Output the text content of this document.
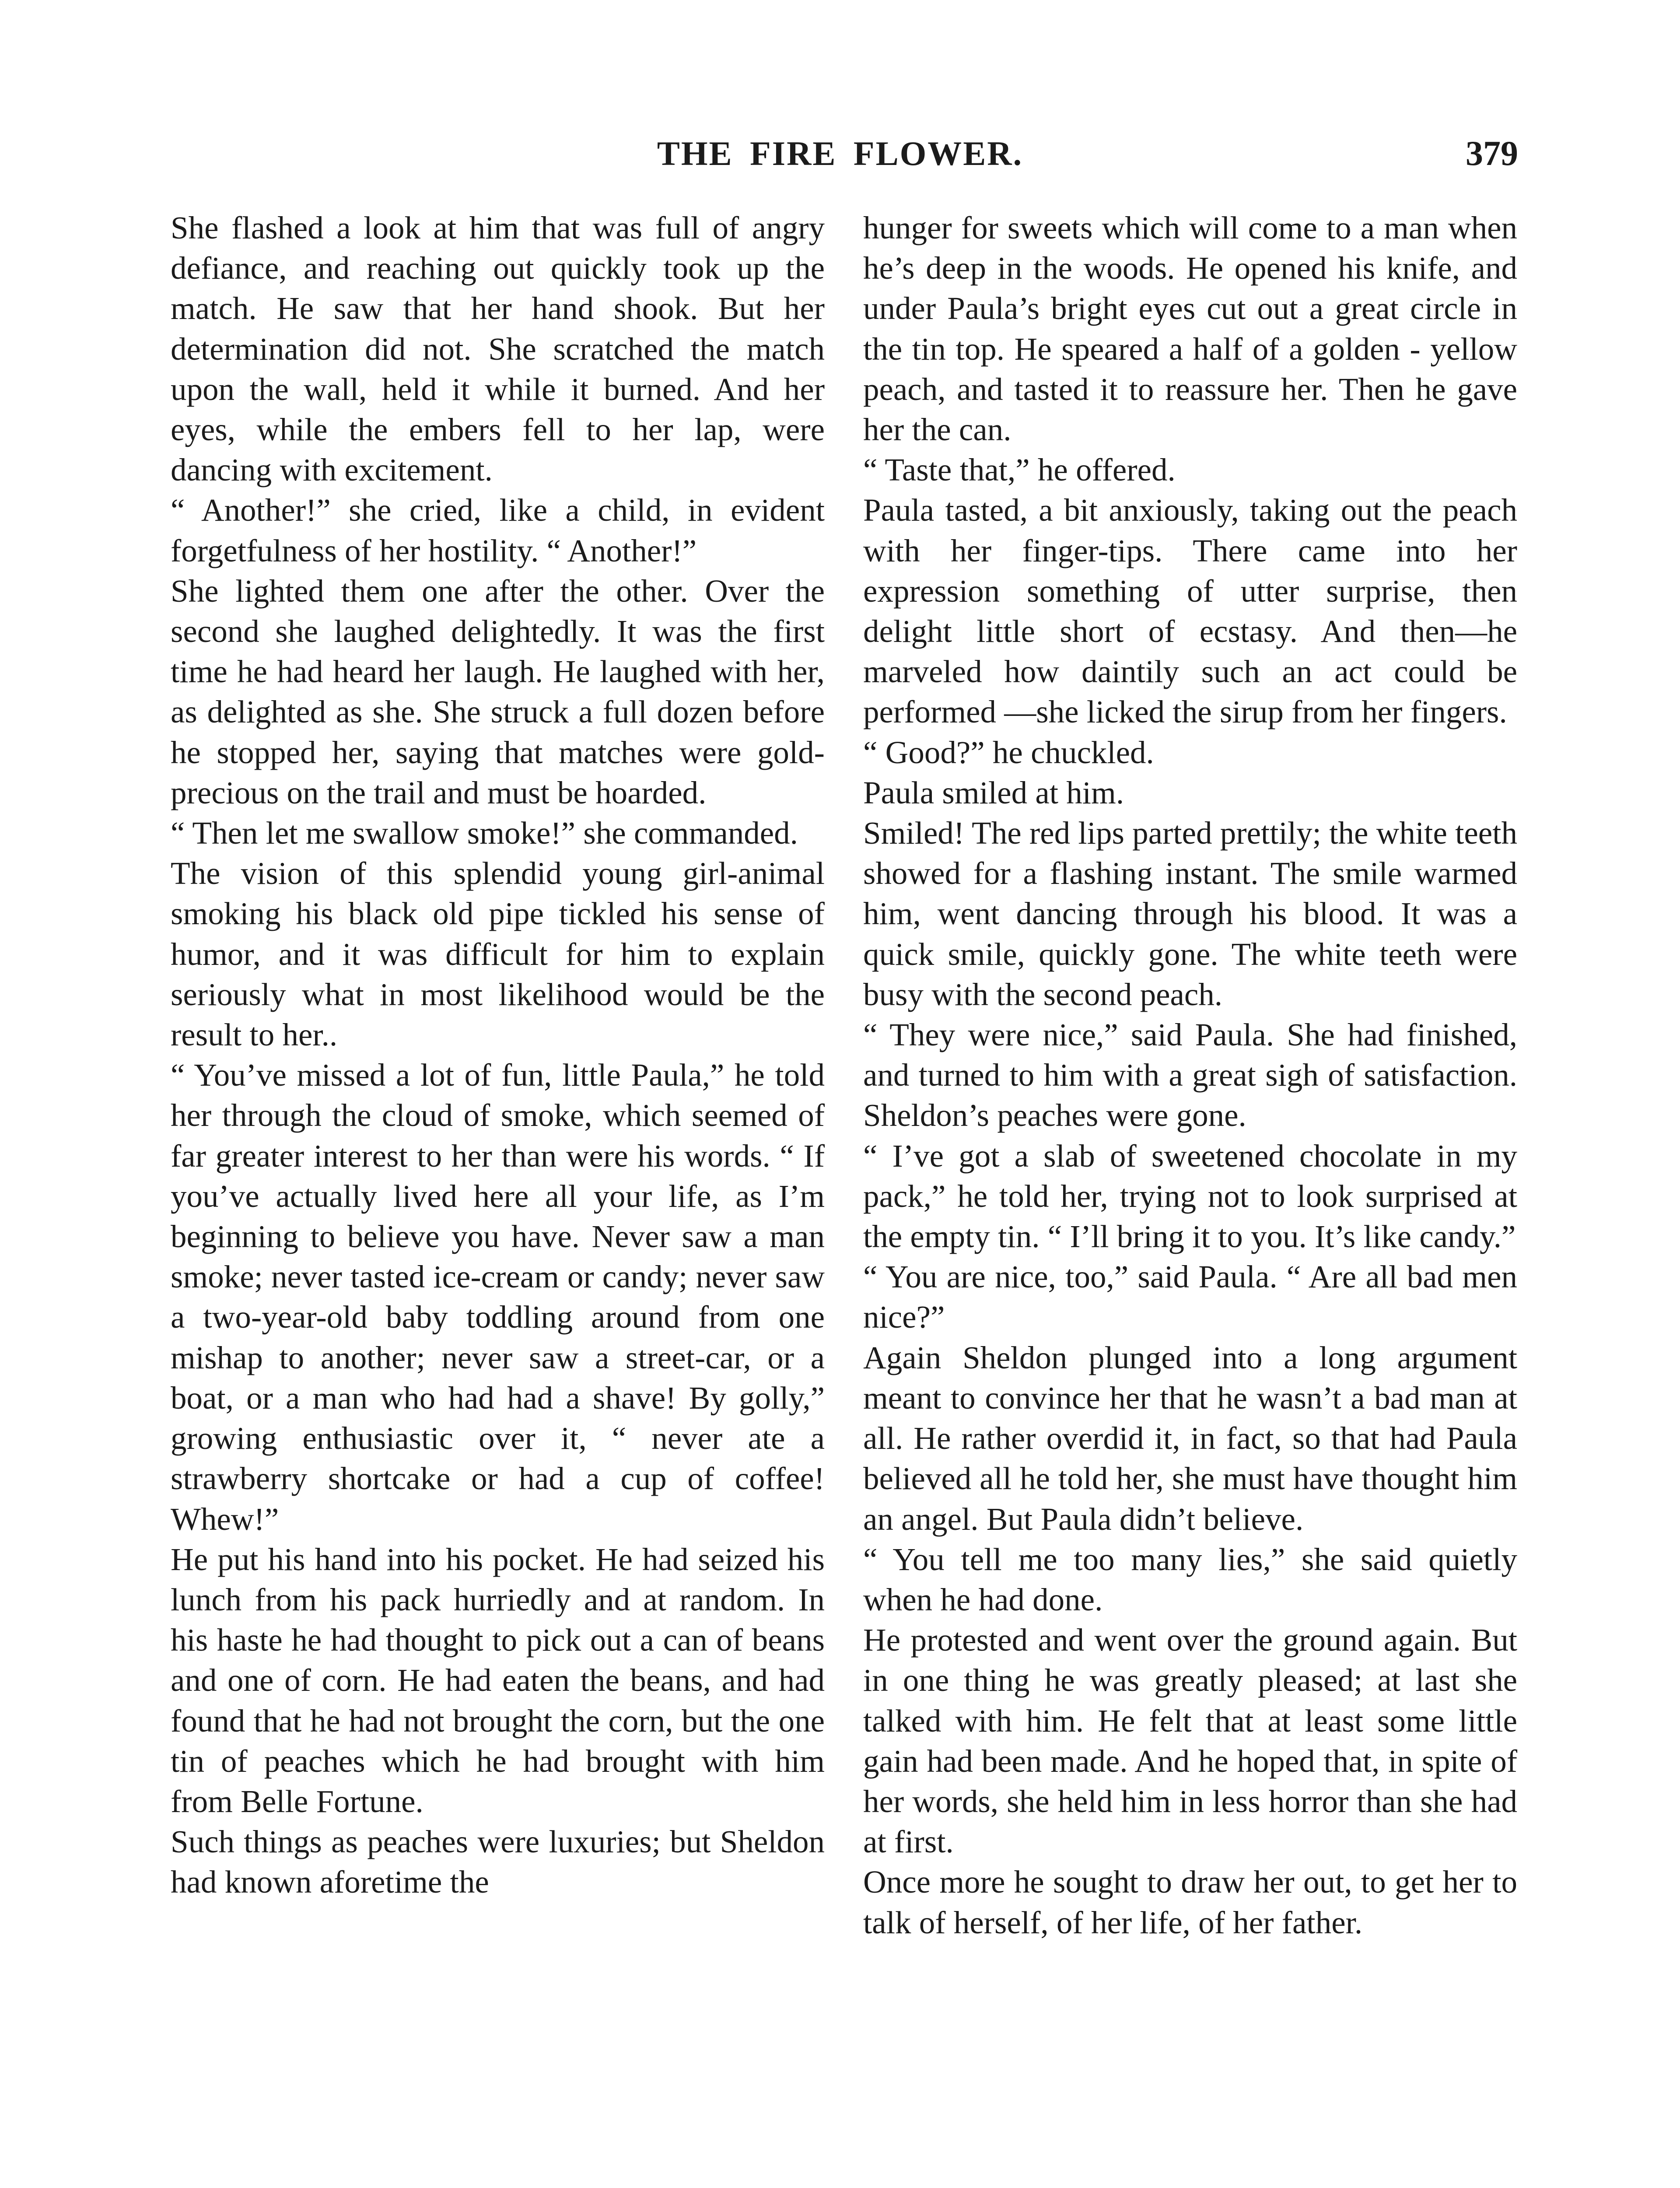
THE FIRE FLOWER.	379

She flashed a look at him that was full of angry defiance, and reaching out quickly took up the match. He saw that her hand shook. But her determination did not. She scratched the match upon the wall, held it while it burned. And her eyes, while the embers fell to her lap, were dancing with excitement.

“ Another!” she cried, like a child, in evident forgetfulness of her hostility. “ Another!”

She lighted them one after the other. Over the second she laughed delightedly. It was the first time he had heard her laugh. He laughed with her, as delighted as she. She struck a full dozen before he stopped her, saying that matches were gold-precious on the trail and must be hoarded.

“ Then let me swallow smoke!” she commanded.

The vision of this splendid young girl-animal smoking his black old pipe tickled his sense of humor, and it was difficult for him to explain seriously what in most likelihood would be the result to her..

“ You’ve missed a lot of fun, little Paula,” he told her through the cloud of smoke, which seemed of far greater interest to her than were his words. “ If you’ve actually lived here all your life, as I’m beginning to believe you have. Never saw a man smoke; never tasted ice-cream or candy; never saw a two-year-old baby toddling around from one mishap to another; never saw a street-car, or a boat, or a man who had had a shave! By golly,” growing enthusiastic over it, “ never ate a strawberry shortcake or had a cup of coffee! Whew!”

He put his hand into his pocket. He had seized his lunch from his pack hurriedly and at random. In his haste he had thought to pick out a can of beans and one of corn. He had eaten the beans, and had found that he had not brought the corn, but the one tin of peaches which he had brought with him from Belle Fortune.

Such things as peaches were luxuries; but Sheldon had known aforetime the

hunger for sweets which will come to a man when he’s deep in the woods. He opened his knife, and under Paula’s bright eyes cut out a great circle in the tin top. He speared a half of a golden - yellow peach, and tasted it to reassure her. Then he gave her the can.

“ Taste that,” he offered.

Paula tasted, a bit anxiously, taking out the peach with her finger-tips. There came into her expression something of utter surprise, then delight little short of ecstasy. And then—he marveled how daintily such an act could be performed —she licked the sirup from her fingers.

“ Good?” he chuckled.

Paula smiled at him.

Smiled! The red lips parted prettily; the white teeth showed for a flashing instant. The smile warmed him, went dancing through his blood. It was a quick smile, quickly gone. The white teeth were busy with the second peach.

“ They were nice,” said Paula. She had finished, and turned to him with a great sigh of satisfaction. Sheldon’s peaches were gone.

“ I’ve got a slab of sweetened chocolate in my pack,” he told her, trying not to look surprised at the empty tin. “ I’ll bring it to you. It’s like candy.”

“ You are nice, too,” said Paula. “ Are all bad men nice?”

Again Sheldon plunged into a long argument meant to convince her that he wasn’t a bad man at all. He rather overdid it, in fact, so that had Paula believed all he told her, she must have thought him an angel. But Paula didn’t believe.

“ You tell me too many lies,” she said quietly when he had done.

He protested and went over the ground again. But in one thing he was greatly pleased; at last she talked with him. He felt that at least some little gain had been made. And he hoped that, in spite of her words, she held him in less horror than she had at first.

Once more he sought to draw her out, to get her to talk of herself, of her life, of her father.
